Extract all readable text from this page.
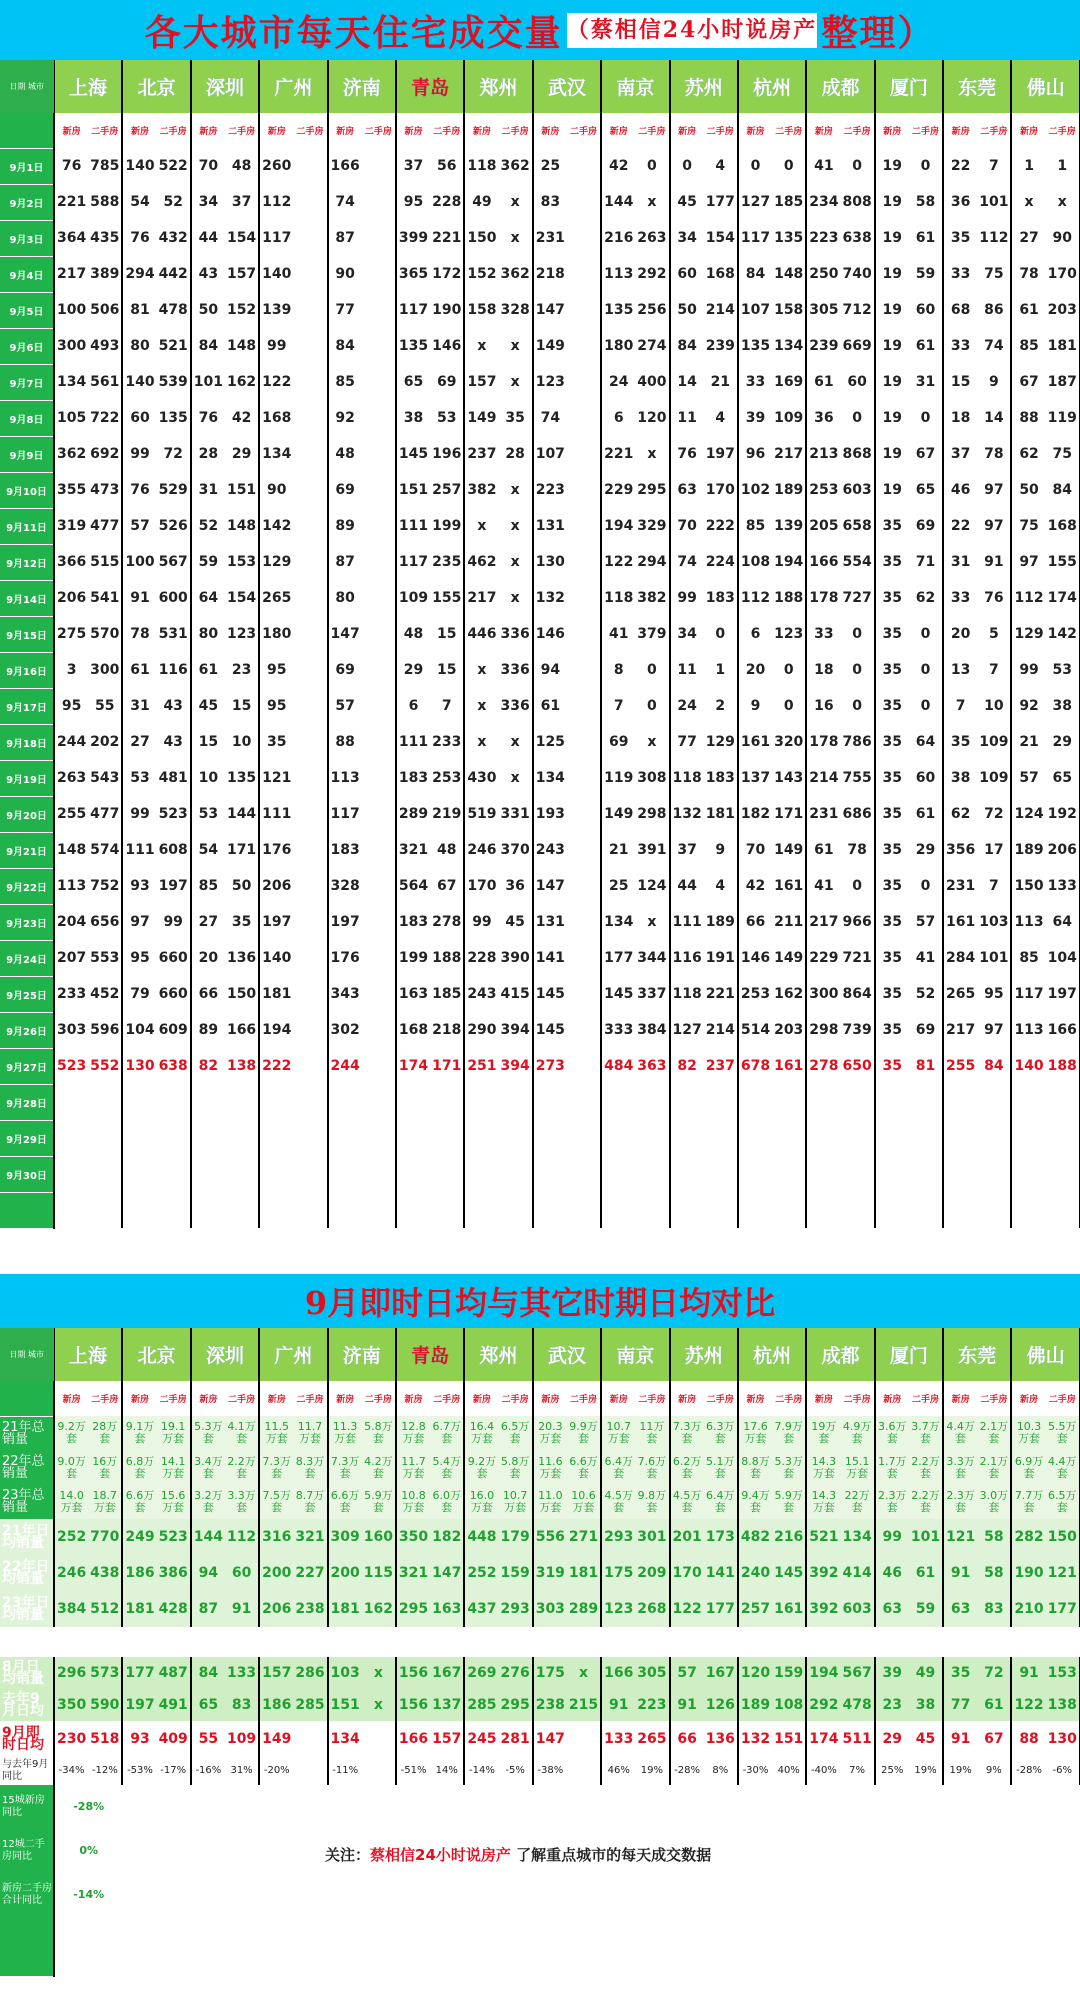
各大城市每天住宅成交量 （蔡相信24小时说房产 整理）
日期 城市	上海		北京		深圳		广州		济南		青岛		郑州		武汉		南京		苏州		杭州		成都		厦门		东莞		佛山	
	新房	二手房	新房	二手房	新房	二手房	新房	二手房	新房	二手房	新房	二手房	新房	二手房	新房	二手房	新房	二手房	新房	二手房	新房	二手房	新房	二手房	新房	二手房	新房	二手房	新房	二手房
9月1日	76	785	140	522	70	48	260		166		37	56	118	362	25		42	0	0	4	0	0	41	0	19	0	22	7	1	1
9月2日	221	588	54	52	34	37	112		74		95	228	49	x	83		144	x	45	177	127	185	234	808	19	58	36	101	x	x
9月3日	364	435	76	432	44	154	117		87		399	221	150	x	231		216	263	34	154	117	135	223	638	19	61	35	112	27	90
9月4日	217	389	294	442	43	157	140		90		365	172	152	362	218		113	292	60	168	84	148	250	740	19	59	33	75	78	170
9月5日	100	506	81	478	50	152	139		77		117	190	158	328	147		135	256	50	214	107	158	305	712	19	60	68	86	61	203
9月6日	300	493	80	521	84	148	99		84		135	146	x	x	149		180	274	84	239	135	134	239	669	19	61	33	74	85	181
9月7日	134	561	140	539	101	162	122		85		65	69	157	x	123		24	400	14	21	33	169	61	60	19	31	15	9	67	187
9月8日	105	722	60	135	76	42	168		92		38	53	149	35	74		6	120	11	4	39	109	36	0	19	0	18	14	88	119
9月9日	362	692	99	72	28	29	134		48		145	196	237	28	107		221	x	76	197	96	217	213	868	19	67	37	78	62	75
9月10日	355	473	76	529	31	151	90		69		151	257	382	x	223		229	295	63	170	102	189	253	603	19	65	46	97	50	84
9月11日	319	477	57	526	52	148	142		89		111	199	x	x	131		194	329	70	222	85	139	205	658	35	69	22	97	75	168
9月12日	366	515	100	567	59	153	129		87		117	235	462	x	130		122	294	74	224	108	194	166	554	35	71	31	91	97	155
9月14日	206	541	91	600	64	154	265		80		109	155	217	x	132		118	382	99	183	112	188	178	727	35	62	33	76	112	174
9月15日	275	570	78	531	80	123	180		147		48	15	446	336	146		41	379	34	0	6	123	33	0	35	0	20	5	129	142
9月16日	3	300	61	116	61	23	95		69		29	15	x	336	94		8	0	11	1	20	0	18	0	35	0	13	7	99	53
9月17日	95	55	31	43	45	15	95		57		6	7	x	336	61		7	0	24	2	9	0	16	0	35	0	7	10	92	38
9月18日	244	202	27	43	15	10	35		88		111	233	x	x	125		69	x	77	129	161	320	178	786	35	64	35	109	21	29
9月19日	263	543	53	481	10	135	121		113		183	253	430	x	134		119	308	118	183	137	143	214	755	35	60	38	109	57	65
9月20日	255	477	99	523	53	144	111		117		289	219	519	331	193		149	298	132	181	182	171	231	686	35	61	62	72	124	192
9月21日	148	574	111	608	54	171	176		183		321	48	246	370	243		21	391	37	9	70	149	61	78	35	29	356	17	189	206
9月22日	113	752	93	197	85	50	206		328		564	67	170	36	147		25	124	44	4	42	161	41	0	35	0	231	7	150	133
9月23日	204	656	97	99	27	35	197		197		183	278	99	45	131		134	x	111	189	66	211	217	966	35	57	161	103	113	64
9月24日	207	553	95	660	20	136	140		176		199	188	228	390	141		177	344	116	191	146	149	229	721	35	41	284	101	85	104
9月25日	233	452	79	660	66	150	181		343		163	185	243	415	145		145	337	118	221	253	162	300	864	35	52	265	95	117	197
9月26日	303	596	104	609	89	166	194		302		168	218	290	394	145		333	384	127	214	514	203	298	739	35	69	217	97	113	166
9月27日	523	552	130	638	82	138	222		244		174	171	251	394	273		484	363	82	237	678	161	278	650	35	81	255	84	140	188
9月28日																														
9月29日																														
9月30日																														

9月即时日均与其它时期日均对比
日期 城市	上海		北京		深圳		广州		济南		青岛		郑州		武汉		南京		苏州		杭州		成都		厦门		东莞		佛山	
	新房	二手房	新房	二手房	新房	二手房	新房	二手房	新房	二手房	新房	二手房	新房	二手房	新房	二手房	新房	二手房	新房	二手房	新房	二手房	新房	二手房	新房	二手房	新房	二手房	新房	二手房
21年总销量	9.2万套	28万套	9.1万套	19.1万套	5.3万套	4.1万套	11.5万套	11.7万套	11.3万套	5.8万套	12.8万套	6.7万套	16.4万套	6.5万套	20.3万套	9.9万套	10.7万套	11万套	7.3万套	6.3万套	17.6万套	7.9万套	19万套	4.9万套	3.6万套	3.7万套	4.4万套	2.1万套	10.3万套	5.5万套
22年总销量	9.0万套	16万套	6.8万套	14.1万套	3.4万套	2.2万套	7.3万套	8.3万套	7.3万套	4.2万套	11.7万套	5.4万套	9.2万套	5.8万套	11.6万套	6.6万套	6.4万套	7.6万套	6.2万套	5.1万套	8.8万套	5.3万套	14.3万套	15.1万套	1.7万套	2.2万套	3.3万套	2.1万套	6.9万套	4.4万套
23年总销量	14.0万套	18.7万套	6.6万套	15.6万套	3.2万套	3.3万套	7.5万套	8.7万套	6.6万套	5.9万套	10.8万套	6.0万套	16.0万套	10.7万套	11.0万套	10.6万套	4.5万套	9.8万套	4.5万套	6.4万套	9.4万套	5.9万套	14.3万套	22万套	2.3万套	2.2万套	2.3万套	3.0万套	7.7万套	6.5万套
21年日均销量	252	770	249	523	144	112	316	321	309	160	350	182	448	179	556	271	293	301	201	173	482	216	521	134	99	101	121	58	282	150
22年日均销量	246	438	186	386	94	60	200	227	200	115	321	147	252	159	319	181	175	209	170	141	240	145	392	414	46	61	91	58	190	121
23年日均销量	384	512	181	428	87	91	206	238	181	162	295	163	437	293	303	289	123	268	122	177	257	161	392	603	63	59	63	83	210	177

8月日均销量	296	573	177	487	84	133	157	286	103	x	156	167	269	276	175	x	166	305	57	167	120	159	194	567	39	49	35	72	91	153
去年9月日均	350	590	197	491	65	83	186	285	151	x	156	137	285	295	238	215	91	223	91	126	189	108	292	478	23	38	77	61	122	138
9月即时日均	230	518	93	409	55	109	149		134		166	157	245	281	147		133	265	66	136	132	151	174	511	29	45	91	67	88	130
与去年9月同比	-34%	-12%	-53%	-17%	-16%	31%	-20%		-11%		-51%	14%	-14%	-5%	-38%		46%	19%	-28%	8%	-30%	40%	-40%	7%	25%	19%	19%	9%	-28%	-6%
15城新房同比	-28%																													
12城二手房同比	0%																													
新房二手房合计同比	-14%																													

关注：蔡相信24小时说房产 了解重点城市的每天成交数据
